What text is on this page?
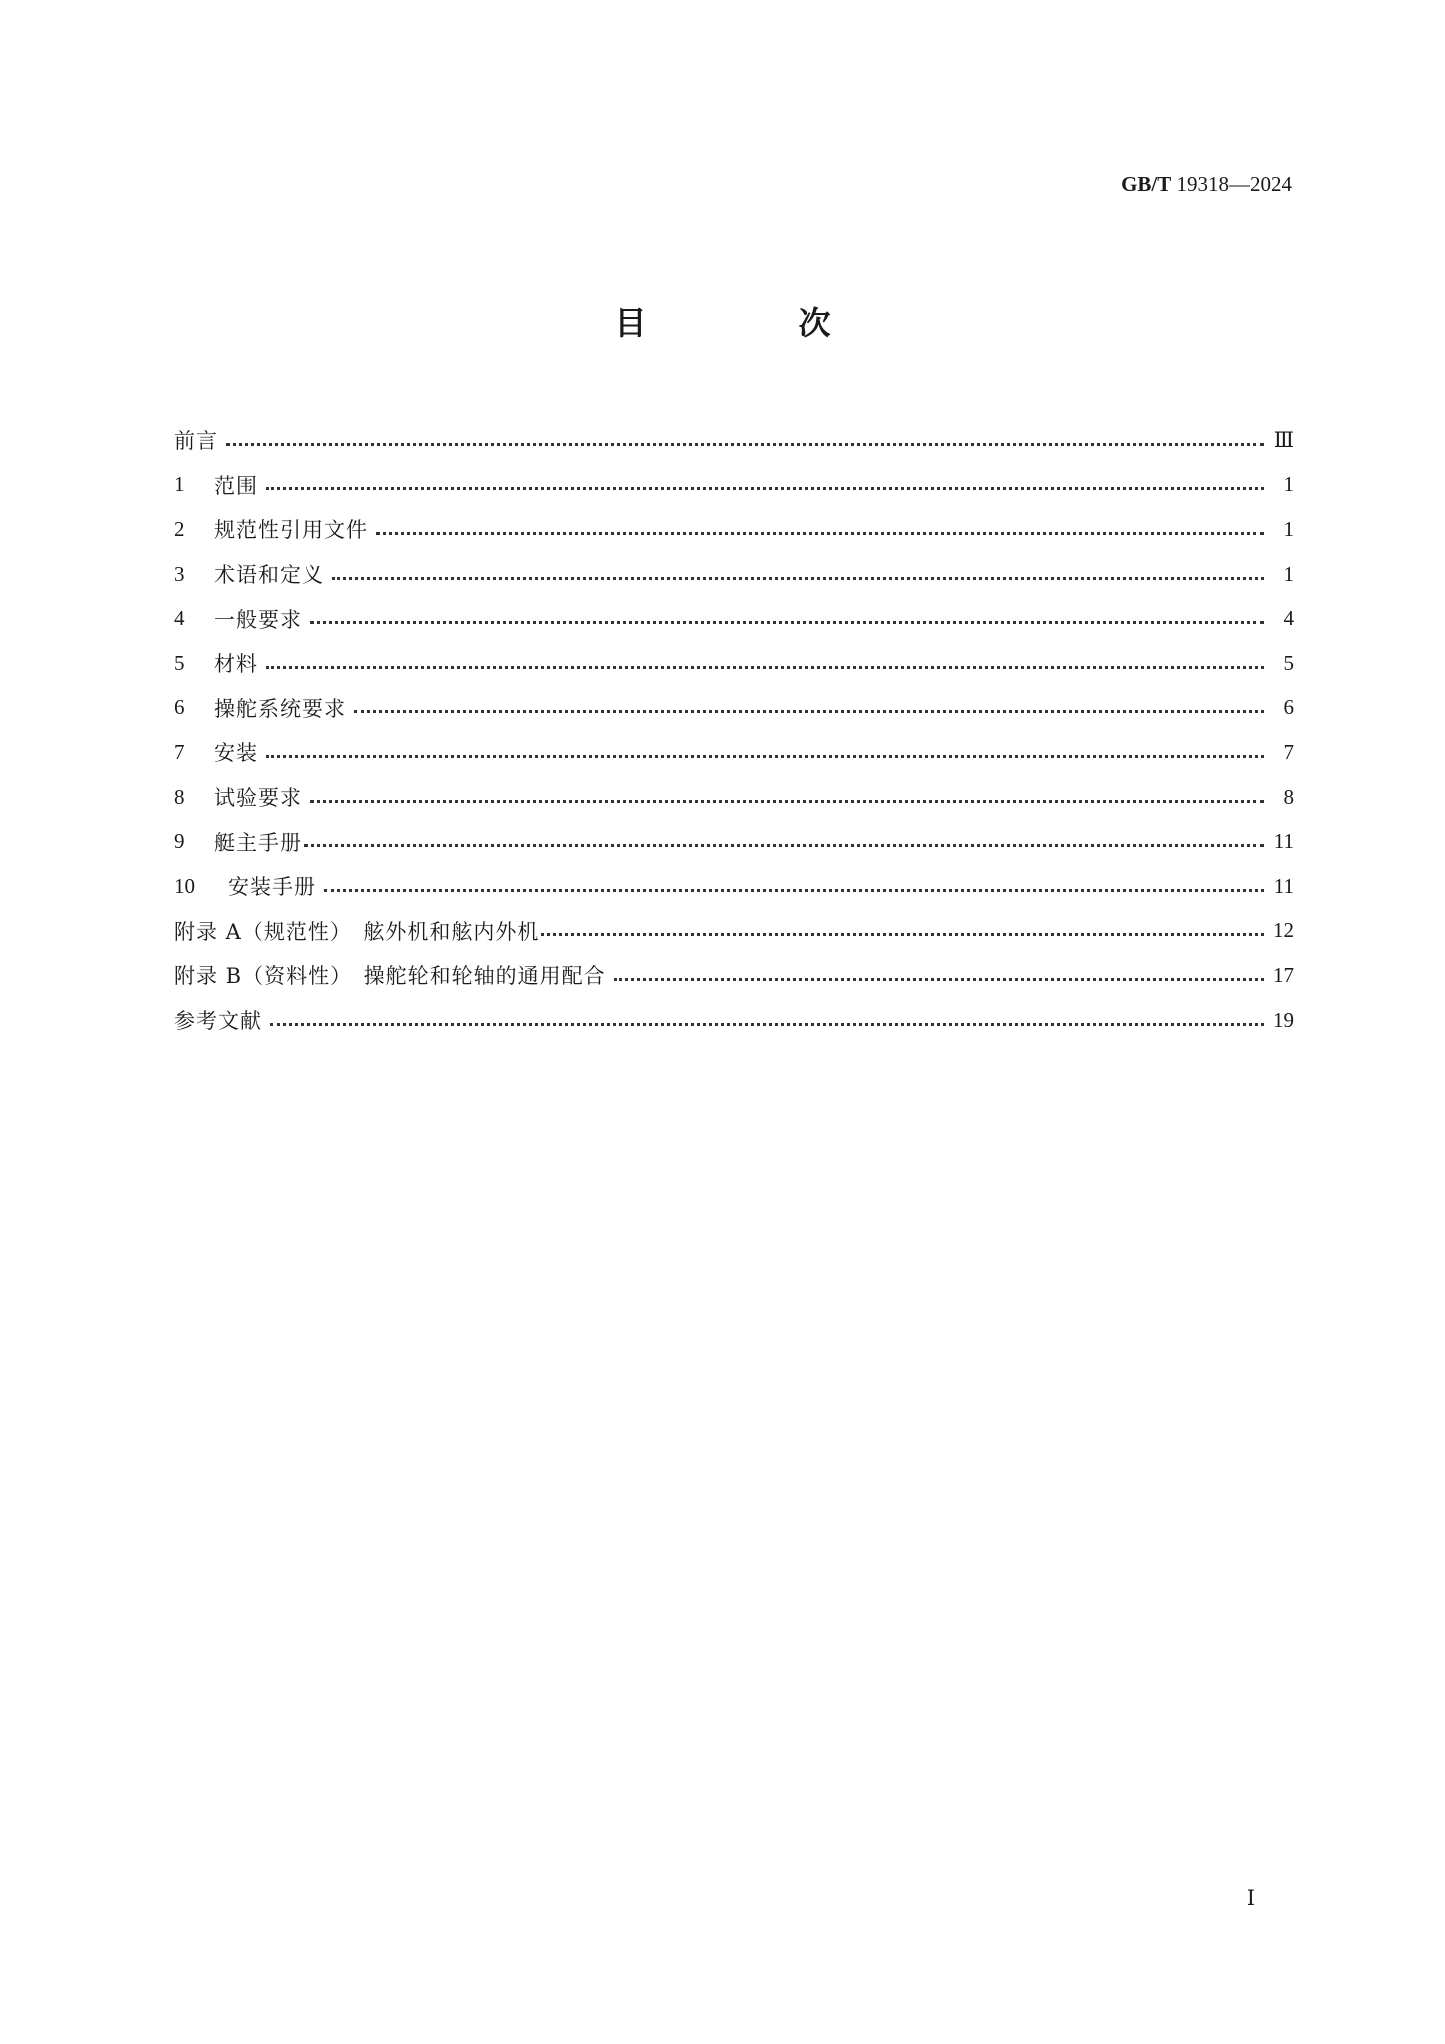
GB/T 19318—2024
目　次
前言	Ⅲ
1	范围	1
2	规范性引用文件	1
3	术语和定义	1
4	一般要求	4
5	材料	5
6	操舵系统要求	6
7	安装	7
8	试验要求	8
9	艇主手册	11
10	安装手册	11
附录 A（规范性）　舷外机和舷内外机	12
附录 B（资料性）　操舵轮和轮轴的通用配合	17
参考文献	19
Ⅰ
